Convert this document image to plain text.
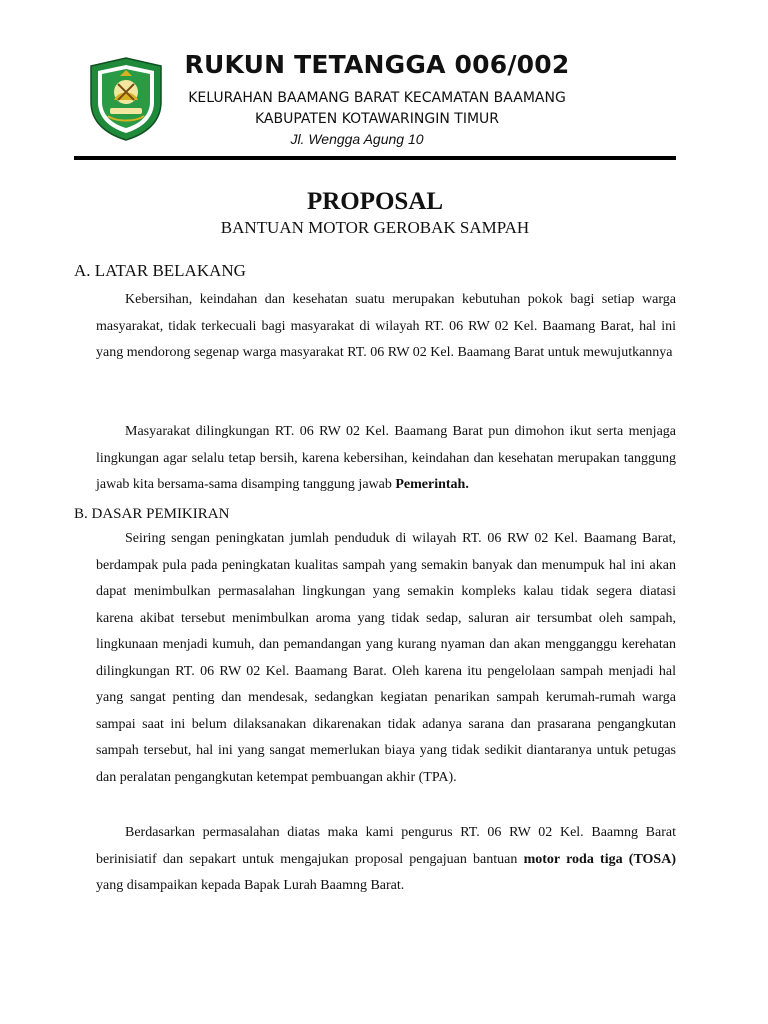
RUKUN TETANGGA 006/002
KELURAHAN BAAMANG BARAT KECAMATAN BAAMANG
KABUPATEN KOTAWARINGIN TIMUR
Jl. Wengga Agung 10
PROPOSAL
BANTUAN MOTOR GEROBAK SAMPAH
A. LATAR BELAKANG

Kebersihan, keindahan dan kesehatan suatu merupakan kebutuhan pokok bagi setiap warga masyarakat, tidak terkecuali bagi masyarakat di wilayah RT. 06 RW 02 Kel. Baamang Barat, hal ini yang mendorong segenap warga masyarakat RT. 06 RW 02 Kel. Baamang Barat untuk mewujutkannya

Masyarakat dilingkungan RT. 06 RW 02 Kel. Baamang Barat pun dimohon ikut serta menjaga lingkungan agar selalu tetap bersih, karena kebersihan, keindahan dan kesehatan merupakan tanggung jawab kita bersama-sama disamping tanggung jawab Pemerintah.

B. DASAR PEMIKIRAN

Seiring sengan peningkatan jumlah penduduk di wilayah RT. 06 RW 02 Kel. Baamang Barat, berdampak pula pada peningkatan kualitas sampah yang semakin banyak dan menumpuk hal ini akan dapat menimbulkan permasalahan lingkungan yang semakin kompleks kalau tidak segera diatasi karena akibat tersebut menimbulkan aroma yang tidak sedap, saluran air tersumbat oleh sampah, lingkunaan menjadi kumuh, dan pemandangan yang kurang nyaman dan akan mengganggu kerehatan dilingkungan RT. 06 RW 02 Kel. Baamang Barat. Oleh karena itu pengelolaan sampah menjadi hal yang sangat penting dan mendesak, sedangkan kegiatan penarikan sampah kerumah-rumah warga sampai saat ini belum dilaksanakan dikarenakan tidak adanya sarana dan prasarana pengangkutan sampah tersebut, hal ini yang sangat memerlukan biaya yang tidak sedikit diantaranya untuk petugas dan peralatan pengangkutan ketempat pembuangan akhir (TPA).

Berdasarkan permasalahan diatas maka kami pengurus RT. 06 RW 02 Kel. Baamng Barat berinisiatif dan sepakart untuk mengajukan proposal pengajuan bantuan motor roda tiga (TOSA) yang disampaikan kepada Bapak Lurah Baamng Barat.
